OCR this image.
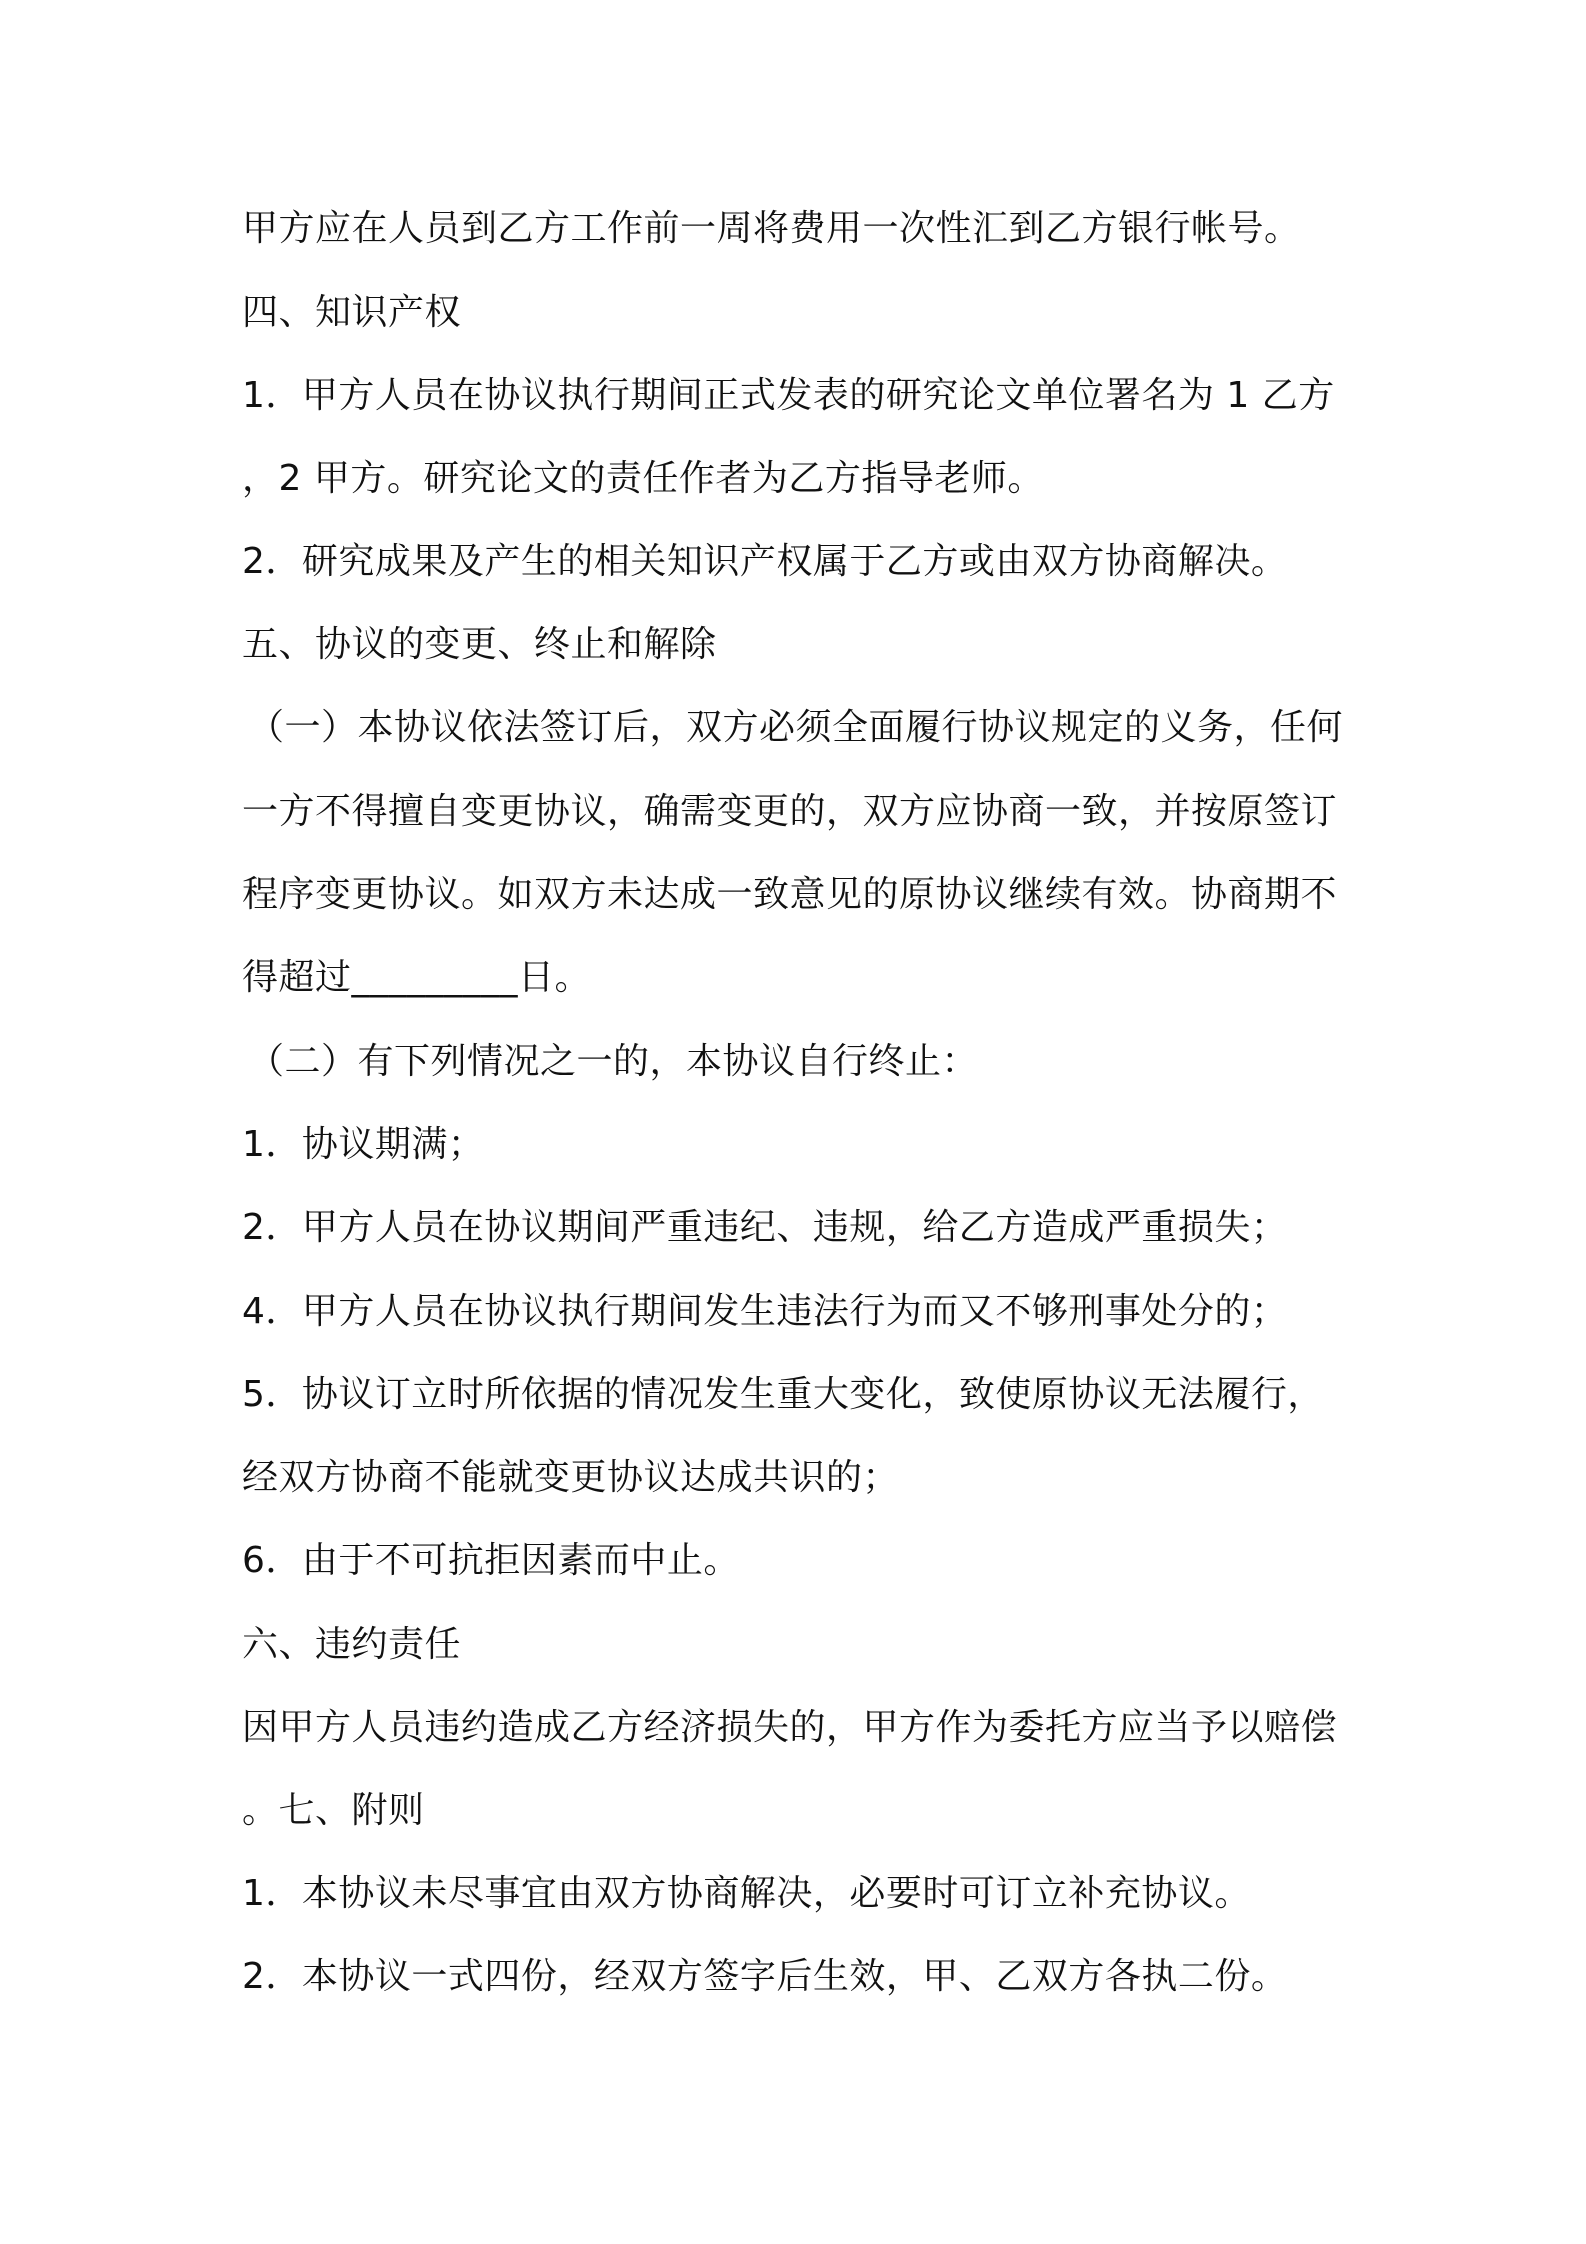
甲方应在人员到乙方工作前一周将费用一次性汇到乙方银行帐号。
四、知识产权
1．甲方人员在协议执行期间正式发表的研究论文单位署名为 1 乙方
，2 甲方。研究论文的责任作者为乙方指导老师。
2．研究成果及产生的相关知识产权属于乙方或由双方协商解决。
五、协议的变更、终止和解除
（一）本协议依法签订后，双方必须全面履行协议规定的义务，任何
一方不得擅自变更协议，确需变更的，双方应协商一致，并按原签订
程序变更协议。如双方未达成一致意见的原协议继续有效。协商期不
得超过_________日。
（二）有下列情况之一的，本协议自行终止：
1．协议期满；
2．甲方人员在协议期间严重违纪、违规，给乙方造成严重损失；
4．甲方人员在协议执行期间发生违法行为而又不够刑事处分的；
5．协议订立时所依据的情况发生重大变化，致使原协议无法履行，
经双方协商不能就变更协议达成共识的；
6．由于不可抗拒因素而中止。
六、违约责任
因甲方人员违约造成乙方经济损失的，甲方作为委托方应当予以赔偿
。七、附则
1．本协议未尽事宜由双方协商解决，必要时可订立补充协议。
2．本协议一式四份，经双方签字后生效，甲、乙双方各执二份。
